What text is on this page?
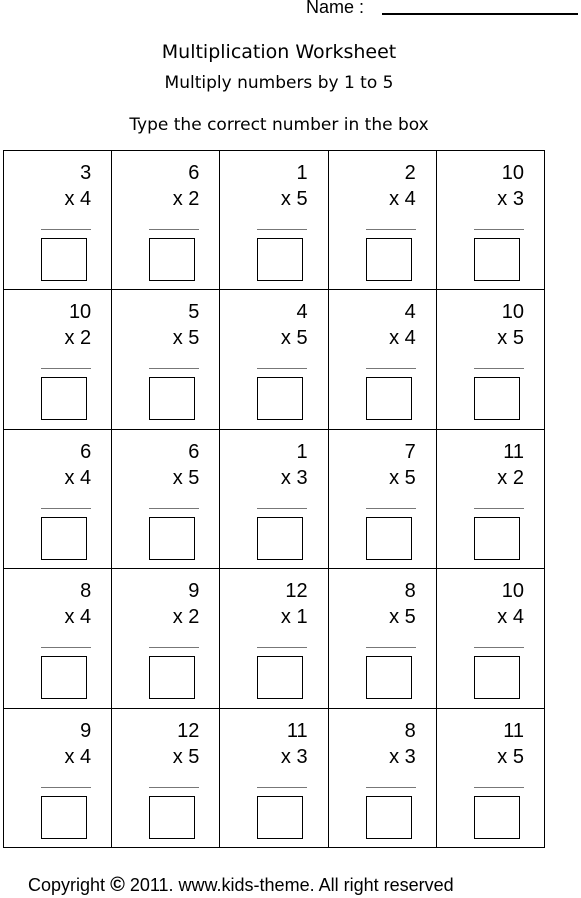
Name :
Multiplication Worksheet
Multiply numbers by 1 to 5
Type the correct number in the box
3
x 4
6
x 2
1
x 5
2
x 4
10
x 3
10
x 2
5
x 5
4
x 5
4
x 4
10
x 5
6
x 4
6
x 5
1
x 3
7
x 5
11
x 2
8
x 4
9
x 2
12
x 1
8
x 5
10
x 4
9
x 4
12
x 5
11
x 3
8
x 3
11
x 5
Copyright © 2011. www.kids-theme. All right reserved
